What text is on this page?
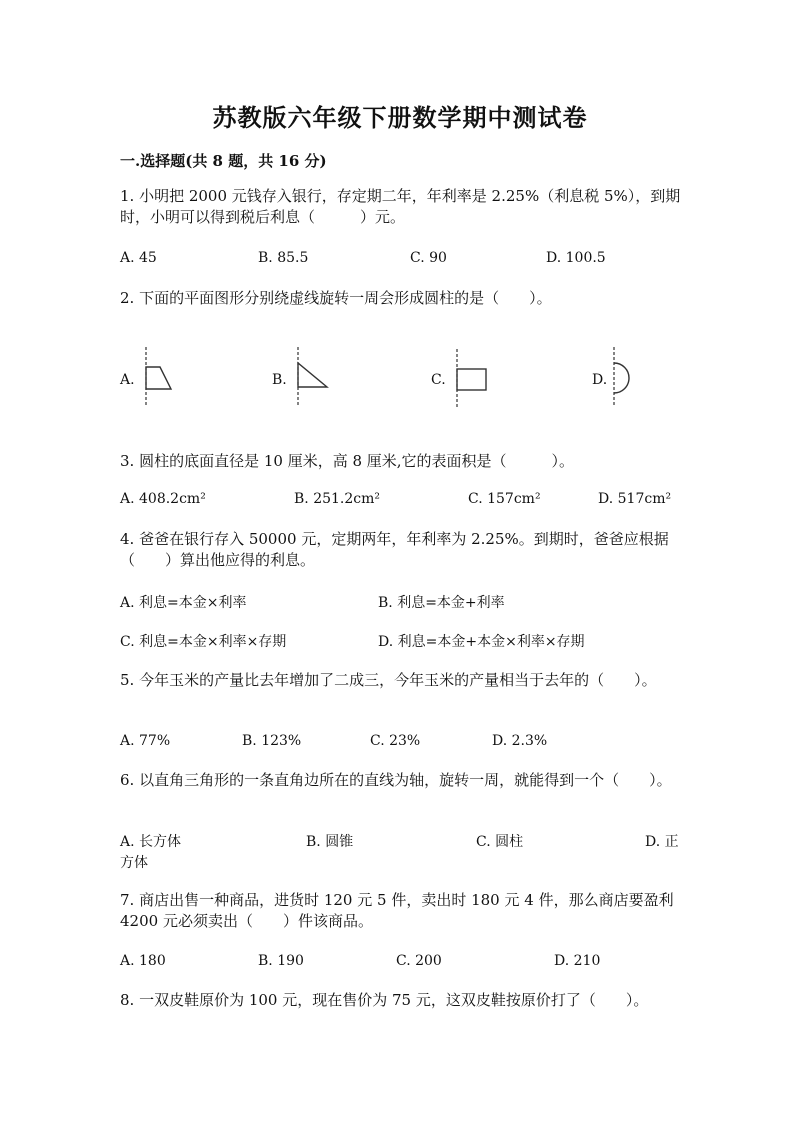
苏教版六年级下册数学期中测试卷
一.选择题(共 8 题，共 16 分)
1. 小明把 2000 元钱存入银行，存定期二年，年利率是 2.25%（利息税 5%），到期时，小明可以得到税后利息（　　　）元。
A. 45	B. 85.5	C. 90	D. 100.5
2. 下面的平面图形分别绕虚线旋转一周会形成圆柱的是（　　）。
A.	B.	C.	D.
3. 圆柱的底面直径是 10 厘米，高 8 厘米,它的表面积是（　　　）。
A. 408.2cm²	B. 251.2cm²	C. 157cm²	D. 517cm²
4. 爸爸在银行存入 50000 元，定期两年，年利率为 2.25%。到期时，爸爸应根据（　　）算出他应得的利息。
A. 利息=本金×利率	B. 利息=本金+利率
C. 利息=本金×利率×存期	D. 利息=本金+本金×利率×存期
5. 今年玉米的产量比去年增加了二成三，今年玉米的产量相当于去年的（　　）。
A. 77%	B. 123%	C. 23%	D. 2.3%
6. 以直角三角形的一条直角边所在的直线为轴，旋转一周，就能得到一个（　　）。
A. 长方体	B. 圆锥	C. 圆柱	D. 正
方体
7. 商店出售一种商品，进货时 120 元 5 件，卖出时 180 元 4 件，那么商店要盈利 4200 元必须卖出（　　）件该商品。
A. 180	B. 190	C. 200	D. 210
8. 一双皮鞋原价为 100 元，现在售价为 75 元，这双皮鞋按原价打了（　　）。
